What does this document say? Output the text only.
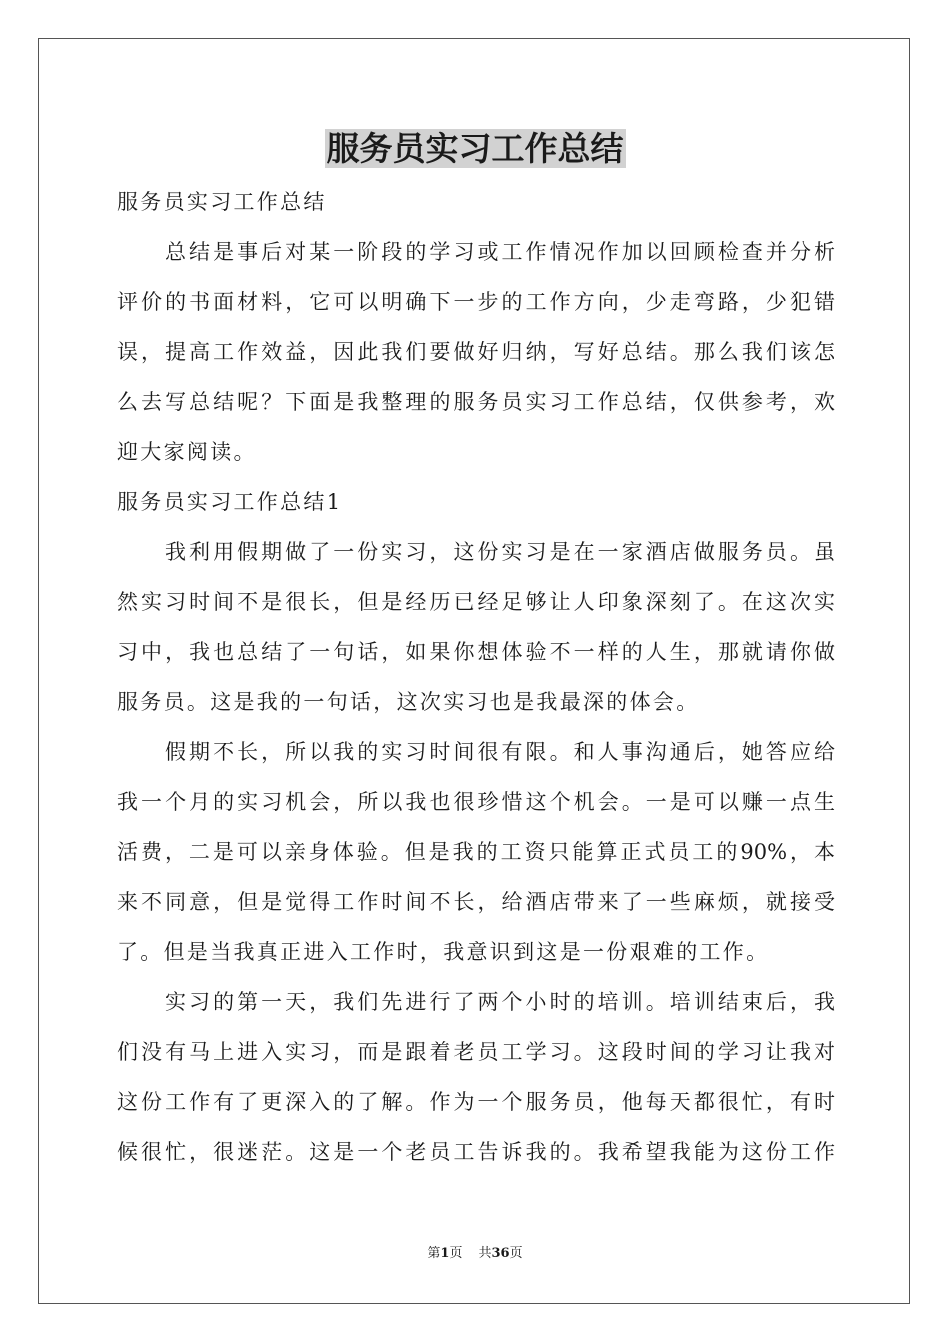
服务员实习工作总结
服务员实习工作总结
总结是事后对某一阶段的学习或工作情况作加以回顾检查并分析
评价的书面材料，它可以明确下一步的工作方向，少走弯路，少犯错
误，提高工作效益，因此我们要做好归纳，写好总结。那么我们该怎
么去写总结呢？下面是我整理的服务员实习工作总结，仅供参考，欢
迎大家阅读。
服务员实习工作总结1
我利用假期做了一份实习，这份实习是在一家酒店做服务员。虽
然实习时间不是很长，但是经历已经足够让人印象深刻了。在这次实
习中，我也总结了一句话，如果你想体验不一样的人生，那就请你做
服务员。这是我的一句话，这次实习也是我最深的体会。
假期不长，所以我的实习时间很有限。和人事沟通后，她答应给
我一个月的实习机会，所以我也很珍惜这个机会。一是可以赚一点生
活费，二是可以亲身体验。但是我的工资只能算正式员工的90%，本
来不同意，但是觉得工作时间不长，给酒店带来了一些麻烦，就接受
了。但是当我真正进入工作时，我意识到这是一份艰难的工作。
实习的第一天，我们先进行了两个小时的培训。培训结束后，我
们没有马上进入实习，而是跟着老员工学习。这段时间的学习让我对
这份工作有了更深入的了解。作为一个服务员，他每天都很忙，有时
候很忙，很迷茫。这是一个老员工告诉我的。我希望我能为这份工作
第1页 共36页
